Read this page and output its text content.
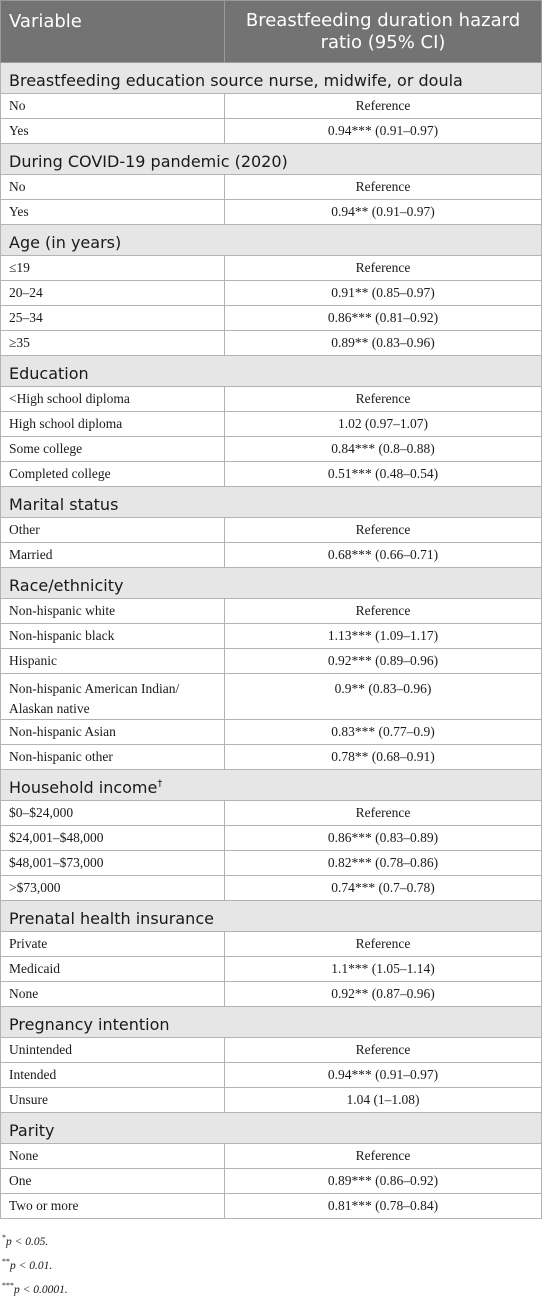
Variable	Breastfeeding duration hazard ratio (95% CI)
Breastfeeding education source nurse, midwife, or doula	
No	Reference
Yes	0.94*** (0.91–0.97)
During COVID-19 pandemic (2020)	
No	Reference
Yes	0.94** (0.91–0.97)
Age (in years)	
≤19	Reference
20–24	0.91** (0.85–0.97)
25–34	0.86*** (0.81–0.92)
≥35	0.89** (0.83–0.96)
Education	
<High school diploma	Reference
High school diploma	1.02 (0.97–1.07)
Some college	0.84*** (0.8–0.88)
Completed college	0.51*** (0.48–0.54)
Marital status	
Other	Reference
Married	0.68*** (0.66–0.71)
Race/ethnicity	
Non-hispanic white	Reference
Non-hispanic black	1.13*** (1.09–1.17)
Hispanic	0.92*** (0.89–0.96)
Non-hispanic American Indian/ Alaskan native	0.9** (0.83–0.96)
Non-hispanic Asian	0.83*** (0.77–0.9)
Non-hispanic other	0.78** (0.68–0.91)
Household income†
$0–$24,000	Reference
$24,001–$48,000	0.86*** (0.83–0.89)
$48,001–$73,000	0.82*** (0.78–0.86)
>$73,000	0.74*** (0.7–0.78)
Prenatal health insurance	
Private	Reference
Medicaid	1.1*** (1.05–1.14)
None	0.92** (0.87–0.96)
Pregnancy intention	
Unintended	Reference
Intended	0.94*** (0.91–0.97)
Unsure	1.04 (1–1.08)
Parity	
None	Reference
One	0.89*** (0.86–0.92)
Two or more	0.81*** (0.78–0.84)
*p < 0.05.
**p < 0.01.
***p < 0.0001.
